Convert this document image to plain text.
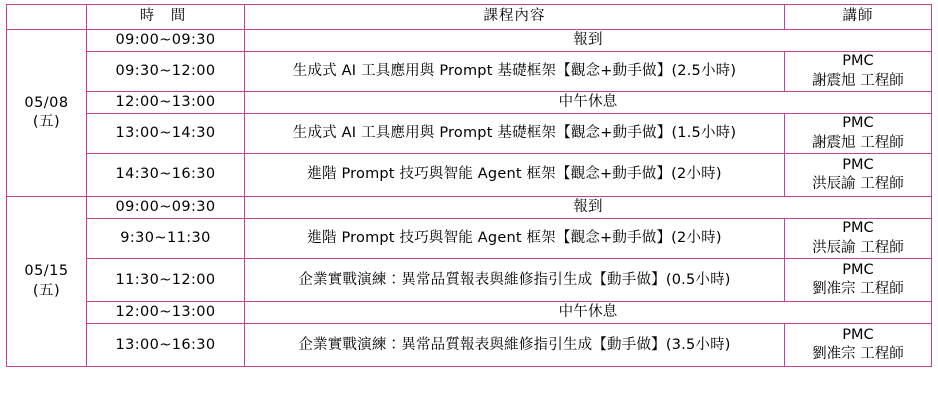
	時 間	課程內容	講師

05/08
(五)	09:00~09:30	報到	
	09:30~12:00	生成式 AI 工具應用與 Prompt 基礎框架【觀念+動手做】(2.5小時)	PMC
謝震旭 工程師

	12:00~13:00	中午休息	
	13:00~14:30	生成式 AI 工具應用與 Prompt 基礎框架【觀念+動手做】(1.5小時)	PMC
謝震旭 工程師

	14:30~16:30	進階 Prompt 技巧與智能 Agent 框架【觀念+動手做】(2小時)	PMC
洪辰諭 工程師

05/15
(五)	09:00~09:30	報到	
	9:30~11:30	進階 Prompt 技巧與智能 Agent 框架【觀念+動手做】(2小時)	PMC
洪辰諭 工程師

	11:30~12:00	企業實戰演練：異常品質報表與維修指引生成【動手做】(0.5小時)	PMC
劉准宗 工程師

	12:00~13:00	中午休息	
	13:00~16:30	企業實戰演練：異常品質報表與維修指引生成【動手做】(3.5小時)	PMC
劉准宗 工程師
